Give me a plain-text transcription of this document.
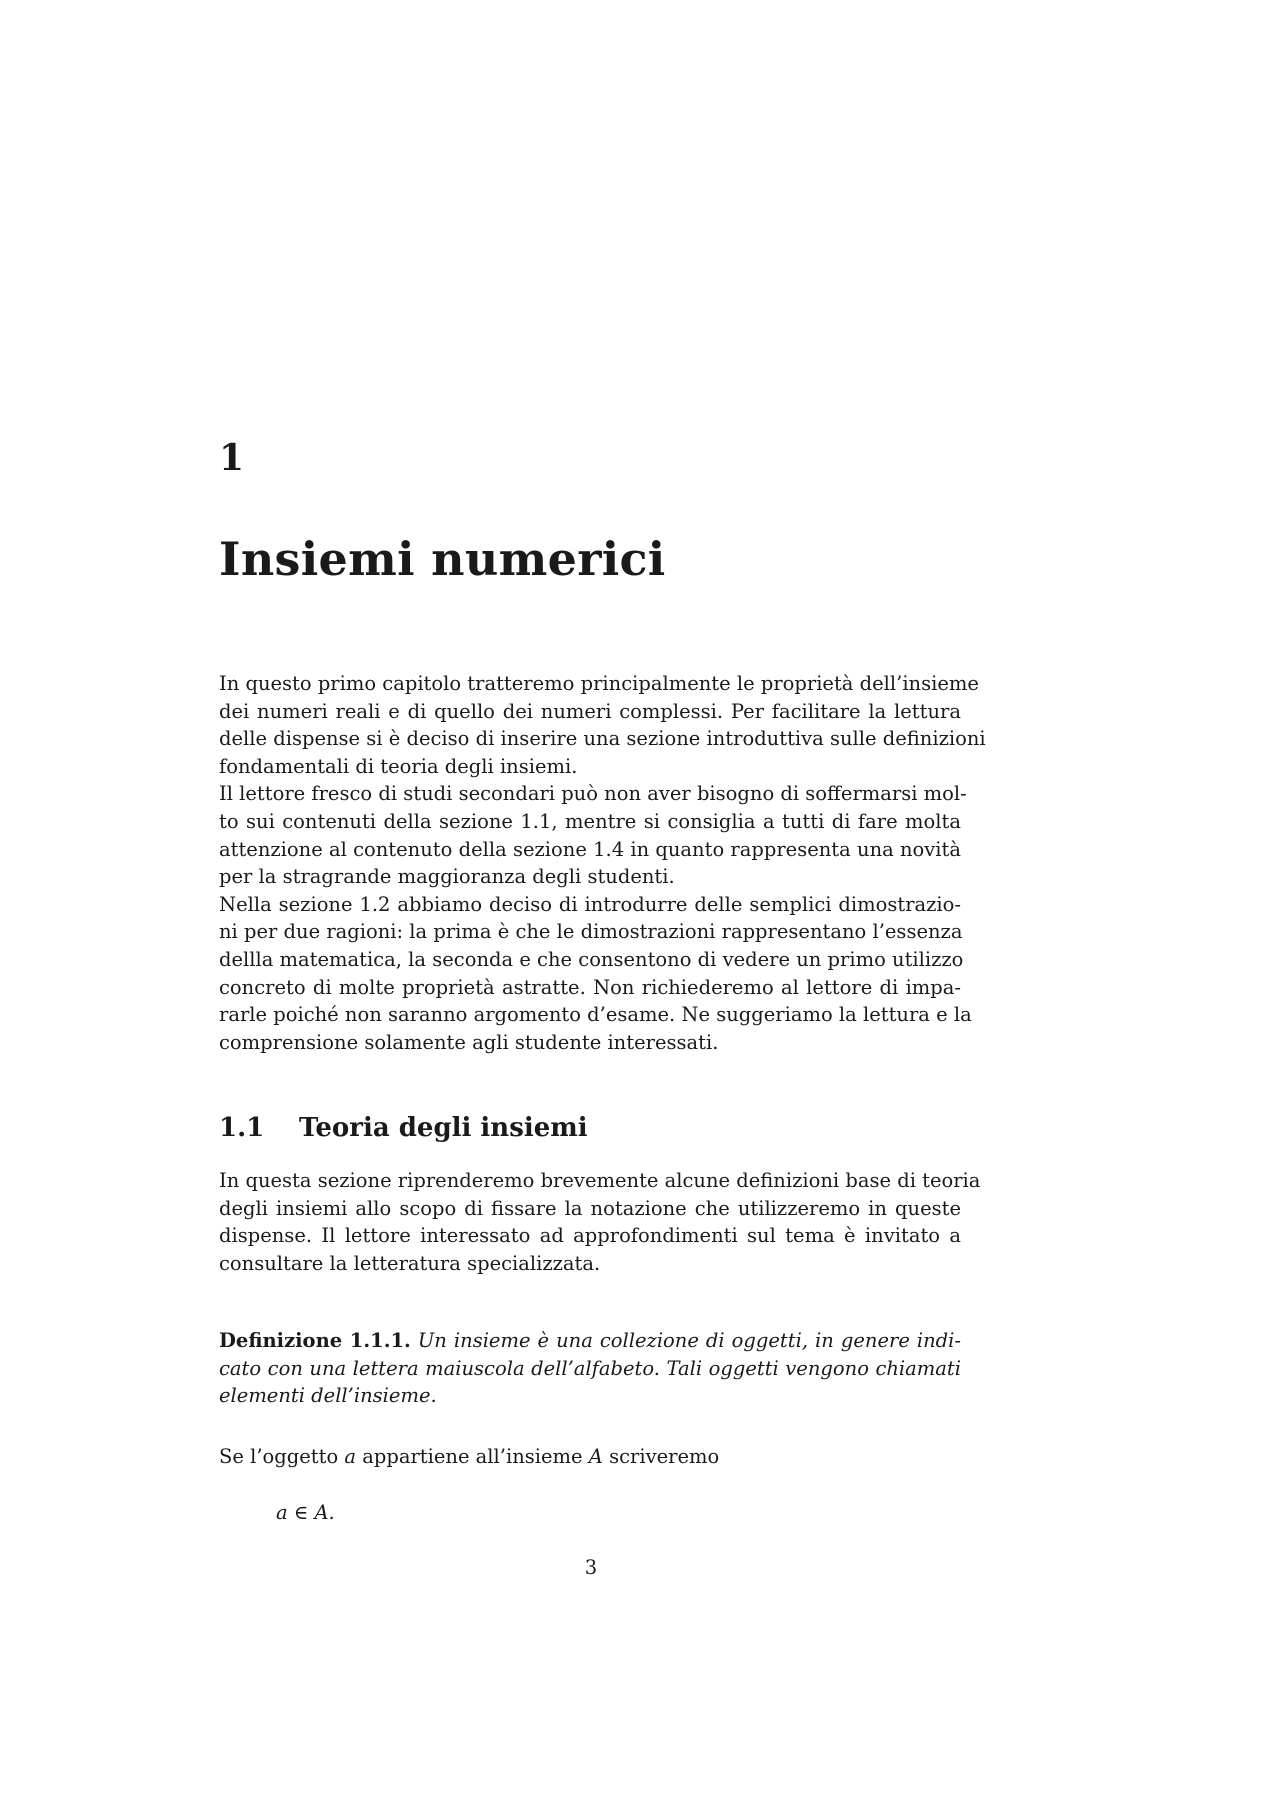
1
Insiemi numerici
In questo primo capitolo tratteremo principalmente le proprietà dell’insieme
dei numeri reali e di quello dei numeri complessi. Per facilitare la lettura
delle dispense si è deciso di inserire una sezione introduttiva sulle definizioni
fondamentali di teoria degli insiemi.
Il lettore fresco di studi secondari può non aver bisogno di soffermarsi mol-
to sui contenuti della sezione 1.1, mentre si consiglia a tutti di fare molta
attenzione al contenuto della sezione 1.4 in quanto rappresenta una novità
per la stragrande maggioranza degli studenti.
Nella sezione 1.2 abbiamo deciso di introdurre delle semplici dimostrazio-
ni per due ragioni: la prima è che le dimostrazioni rappresentano l’essenza
dellla matematica, la seconda e che consentono di vedere un primo utilizzo
concreto di molte proprietà astratte. Non richiederemo al lettore di impa-
rarle poiché non saranno argomento d’esame. Ne suggeriamo la lettura e la
comprensione solamente agli studente interessati.
1.1 Teoria degli insiemi
In questa sezione riprenderemo brevemente alcune definizioni base di teoria
degli insiemi allo scopo di fissare la notazione che utilizzeremo in queste
dispense. Il lettore interessato ad approfondimenti sul tema è invitato a
consultare la letteratura specializzata.
Definizione 1.1.1. Un insieme è una collezione di oggetti, in genere indi-
cato con una lettera maiuscola dell’alfabeto. Tali oggetti vengono chiamati
elementi dell’insieme.
Se l’oggetto a appartiene all’insieme A scriveremo
a ∈ A.
3
